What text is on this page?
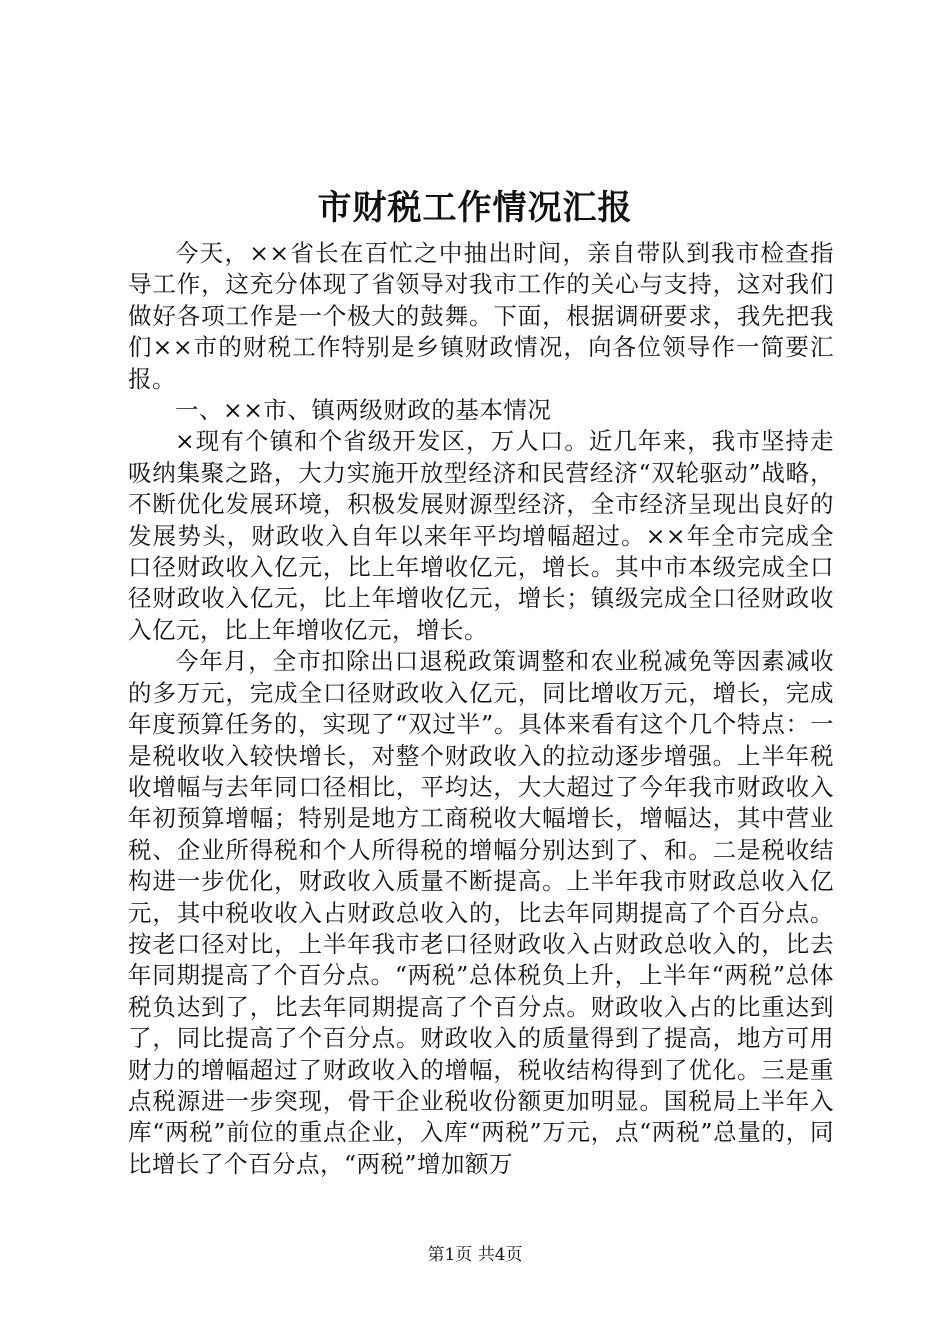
市财税工作情况汇报

今天，××省长在百忙之中抽出时间，亲自带队到我市检查指导工作，这充分体现了省领导对我市工作的关心与支持，这对我们做好各项工作是一个极大的鼓舞。下面，根据调研要求，我先把我们××市的财税工作特别是乡镇财政情况，向各位领导作一简要汇报。

一、××市、镇两级财政的基本情况

×现有个镇和个省级开发区，万人口。近几年来，我市坚持走吸纳集聚之路，大力实施开放型经济和民营经济“双轮驱动”战略，不断优化发展环境，积极发展财源型经济，全市经济呈现出良好的发展势头，财政收入自年以来年平均增幅超过。××年全市完成全口径财政收入亿元，比上年增收亿元，增长。其中市本级完成全口径财政收入亿元，比上年增收亿元，增长；镇级完成全口径财政收入亿元，比上年增收亿元，增长。

今年月，全市扣除出口退税政策调整和农业税减免等因素减收的多万元，完成全口径财政收入亿元，同比增收万元，增长，完成年度预算任务的，实现了“双过半”。具体来看有这个几个特点：一是税收收入较快增长，对整个财政收入的拉动逐步增强。上半年税收增幅与去年同口径相比，平均达，大大超过了今年我市财政收入年初预算增幅；特别是地方工商税收大幅增长，增幅达，其中营业税、企业所得税和个人所得税的增幅分别达到了、和。二是税收结构进一步优化，财政收入质量不断提高。上半年我市财政总收入亿元，其中税收收入占财政总收入的，比去年同期提高了个百分点。按老口径对比，上半年我市老口径财政收入占财政总收入的，比去年同期提高了个百分点。“两税”总体税负上升，上半年“两税”总体税负达到了，比去年同期提高了个百分点。财政收入占的比重达到了，同比提高了个百分点。财政收入的质量得到了提高，地方可用财力的增幅超过了财政收入的增幅，税收结构得到了优化。三是重点税源进一步突现，骨干企业税收份额更加明显。国税局上半年入库“两税”前位的重点企业，入库“两税”万元，点“两税”总量的，同比增长了个百分点，“两税”增加额万

第1页 共4页
